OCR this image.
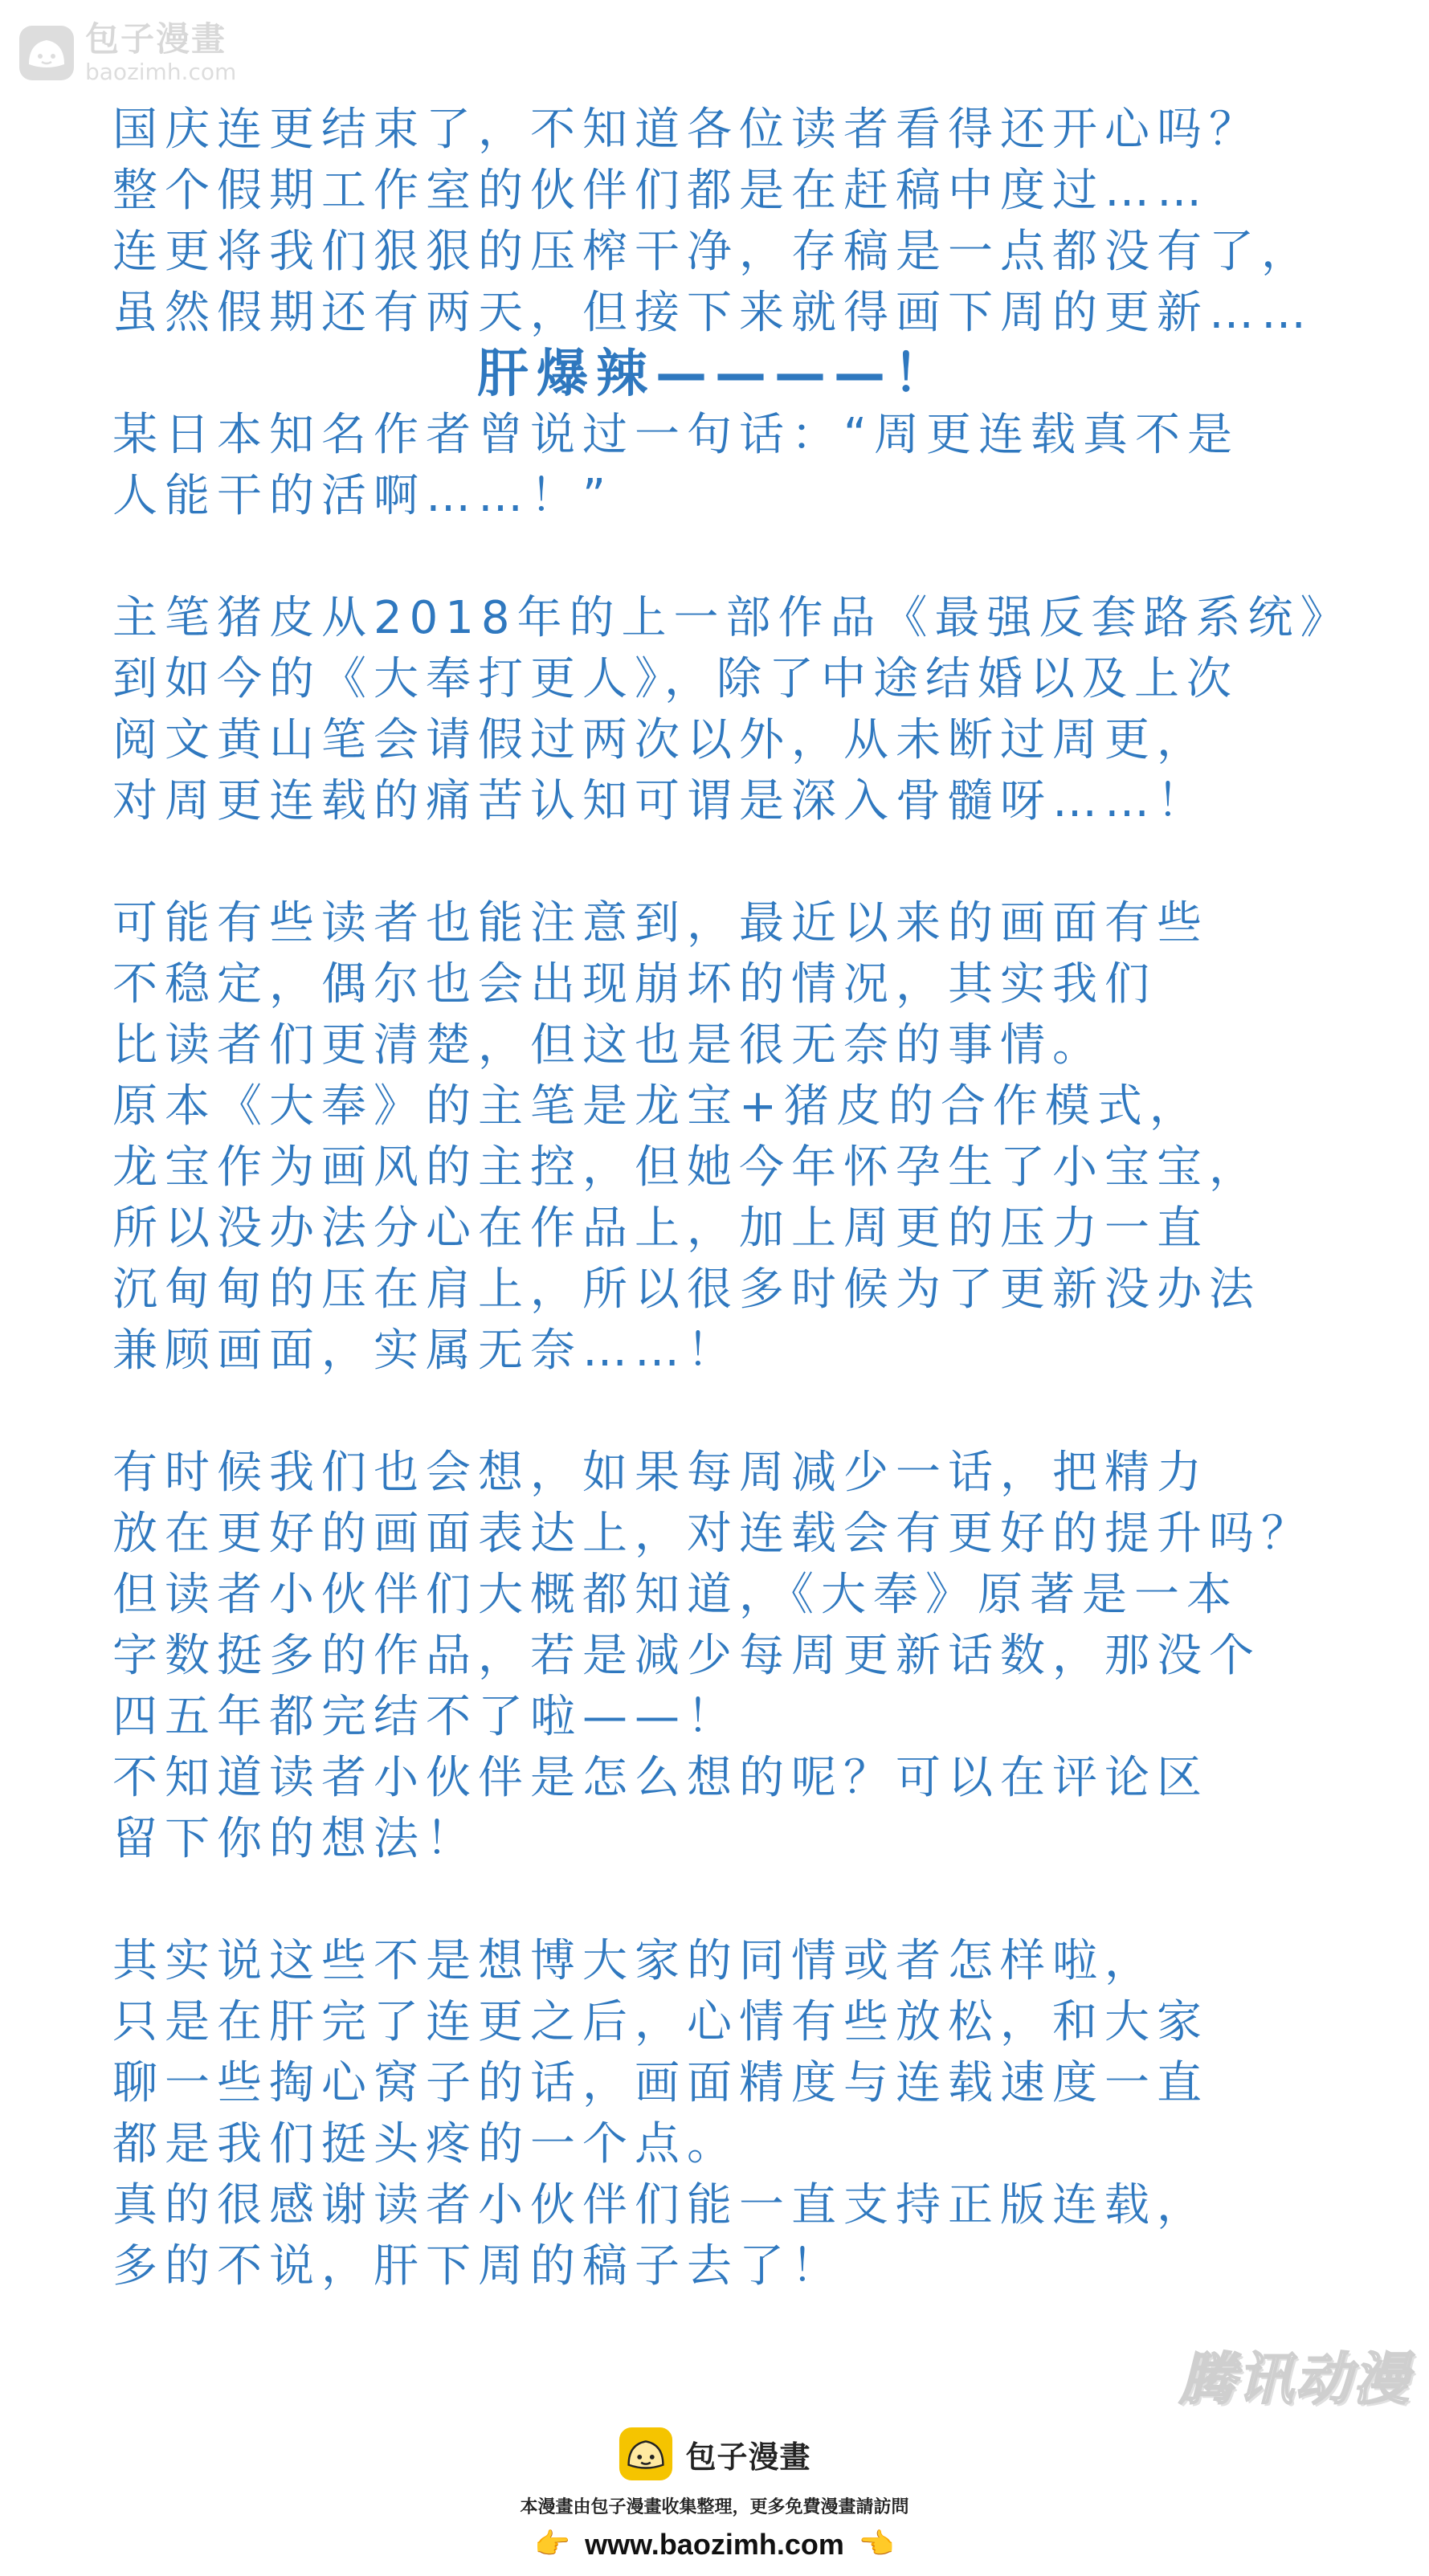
包子漫畫
baozimh.com
国庆连更结束了，不知道各位读者看得还开心吗？
整个假期工作室的伙伴们都是在赶稿中度过……
连更将我们狠狠的压榨干净，存稿是一点都没有了，
虽然假期还有两天，但接下来就得画下周的更新……
肝爆辣————！
某日本知名作者曾说过一句话：“周更连载真不是
人能干的活啊……！”
主笔猪皮从2018年的上一部作品《最强反套路系统》
到如今的《大奉打更人》，除了中途结婚以及上次
阅文黄山笔会请假过两次以外，从未断过周更，
对周更连载的痛苦认知可谓是深入骨髓呀……！
可能有些读者也能注意到，最近以来的画面有些
不稳定，偶尔也会出现崩坏的情况，其实我们
比读者们更清楚，但这也是很无奈的事情。
原本《大奉》的主笔是龙宝+猪皮的合作模式，
龙宝作为画风的主控，但她今年怀孕生了小宝宝，
所以没办法分心在作品上，加上周更的压力一直
沉甸甸的压在肩上，所以很多时候为了更新没办法
兼顾画面，实属无奈……！
有时候我们也会想，如果每周减少一话，把精力
放在更好的画面表达上，对连载会有更好的提升吗？
但读者小伙伴们大概都知道，《大奉》原著是一本
字数挺多的作品，若是减少每周更新话数，那没个
四五年都完结不了啦——！
不知道读者小伙伴是怎么想的呢？可以在评论区
留下你的想法！
其实说这些不是想博大家的同情或者怎样啦，
只是在肝完了连更之后，心情有些放松，和大家
聊一些掏心窝子的话，画面精度与连载速度一直
都是我们挺头疼的一个点。
真的很感谢读者小伙伴们能一直支持正版连载，
多的不说，肝下周的稿子去了！
腾讯动漫
包子漫畫
本漫畫由包子漫畫收集整理，更多免費漫畫請訪問
👉 www.baozimh.com 👈
